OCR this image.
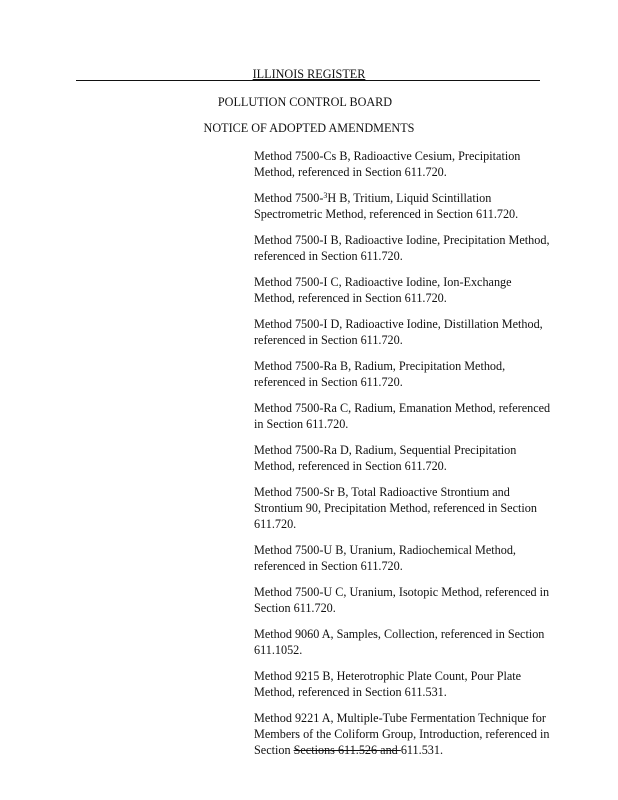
ILLINOIS REGISTER
POLLUTION CONTROL BOARD
NOTICE OF ADOPTED AMENDMENTS

Method 7500-Cs B, Radioactive Cesium, Precipitation Method, referenced in Section 611.720.

Method 7500-$^3$H B, Tritium, Liquid Scintillation Spectrometric Method, referenced in Section 611.720.

Method 7500-I B, Radioactive Iodine, Precipitation Method, referenced in Section 611.720.

Method 7500-I C, Radioactive Iodine, Ion-Exchange Method, referenced in Section 611.720.

Method 7500-I D, Radioactive Iodine, Distillation Method, referenced in Section 611.720.

Method 7500-Ra B, Radium, Precipitation Method, referenced in Section 611.720.

Method 7500-Ra C, Radium, Emanation Method, referenced in Section 611.720.

Method 7500-Ra D, Radium, Sequential Precipitation Method, referenced in Section 611.720.

Method 7500-Sr B, Total Radioactive Strontium and Strontium 90, Precipitation Method, referenced in Section 611.720.

Method 7500-U B, Uranium, Radiochemical Method, referenced in Section 611.720.

Method 7500-U C, Uranium, Isotopic Method, referenced in Section 611.720.

Method 9060 A, Samples, Collection, referenced in Section 611.1052.

Method 9215 B, Heterotrophic Plate Count, Pour Plate Method, referenced in Section 611.531.

Method 9221 A, Multiple-Tube Fermentation Technique for Members of the Coliform Group, Introduction, referenced in Section Sections 611.526 and 611.531.
